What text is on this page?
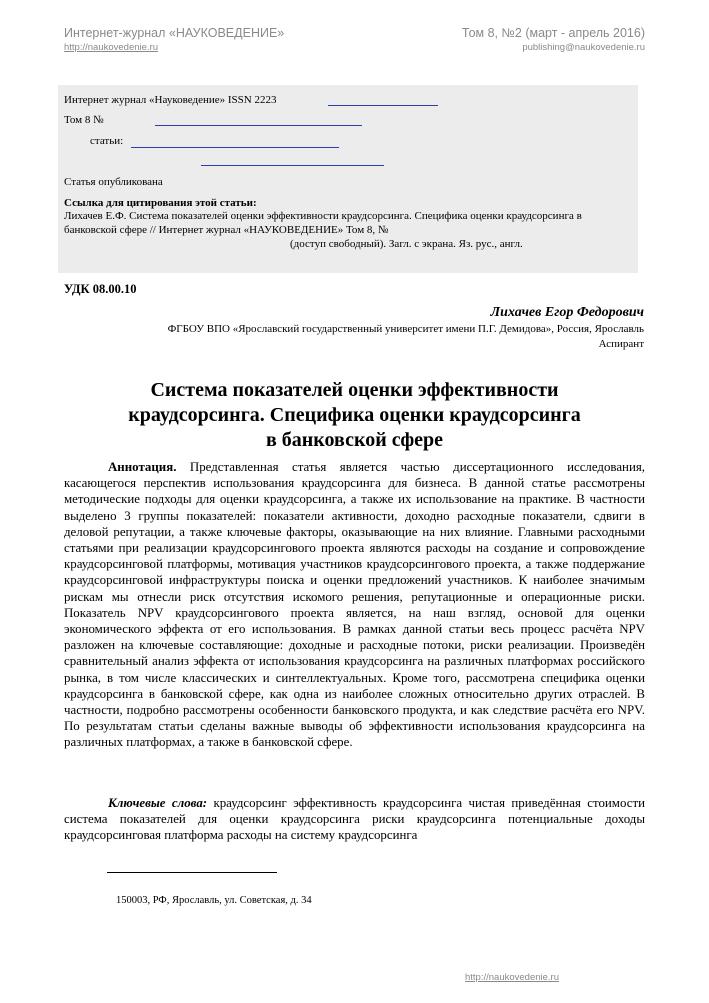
Интернет-журнал «НАУКОВЕДЕНИЕ»	Том 8, №2 (март - апрель 2016)
http://naukovedenie.ru	publishing@naukovedenie.ru
Интернет журнал «Науковедение» ISSN 2223
Том 8 №
статьи:
Статья опубликована
Ссылка для цитирования этой статьи:
Лихачев Е.Ф. Система показателей оценки эффективности краудсорсинга. Специфика оценки краудсорсинга в
банковской сфере // Интернет журнал «НАУКОВЕДЕНИЕ» Том 8, №
(доступ свободный). Загл. с экрана. Яз. рус., англ.
УДК 08.00.10
Лихачев Егор Федорович
ФГБОУ ВПО «Ярославский государственный университет имени П.Г. Демидова», Россия, Ярославль
Аспирант
Система показателей оценки эффективности
краудсорсинга. Специфика оценки краудсорсинга
в банковской сфере
Аннотация. Представленная статья является частью диссертационного исследования, касающегося перспектив использования краудсорсинга для бизнеса. В данной статье рассмотрены методические подходы для оценки краудсорсинга, а также их использование на практике. В частности выделено 3 группы показателей: показатели активности, доходно расходные показатели, сдвиги в деловой репутации, а также ключевые факторы, оказывающие на них влияние. Главными расходными статьями при реализации краудсорсингового проекта являются расходы на создание и сопровождение краудсорсинговой платформы, мотивация участников краудсорсингового проекта, а также поддержание краудсорсинговой инфраструктуры поиска и оценки предложений участников. К наиболее значимым рискам мы отнесли риск отсутствия искомого решения, репутационные и операционные риски. Показатель NPV краудсорсингового проекта является, на наш взгляд, основой для оценки экономического эффекта от его использования. В рамках данной статьи весь процесс расчёта NPV разложен на ключевые составляющие: доходные и расходные потоки, риски реализации. Произведён сравнительный анализ эффекта от использования краудсорсинга на различных платформах российского рынка, в том числе классических и синтеллектуальных. Кроме того, рассмотрена специфика оценки краудсорсинга в банковской сфере, как одна из наиболее сложных относительно других отраслей. В частности, подробно рассмотрены особенности банковского продукта, и как следствие расчёта его NPV. По результатам статьи сделаны важные выводы об эффективности использования краудсорсинга на различных платформах, а также в банковской сфере.
Ключевые слова: краудсорсинг эффективность краудсорсинга чистая приведённая стоимости система показателей для оценки краудсорсинга риски краудсорсинга потенциальные доходы краудсорсинговая платформа расходы на систему краудсорсинга
150003, РФ, Ярославль, ул. Советская, д. 34
http://naukovedenie.ru
